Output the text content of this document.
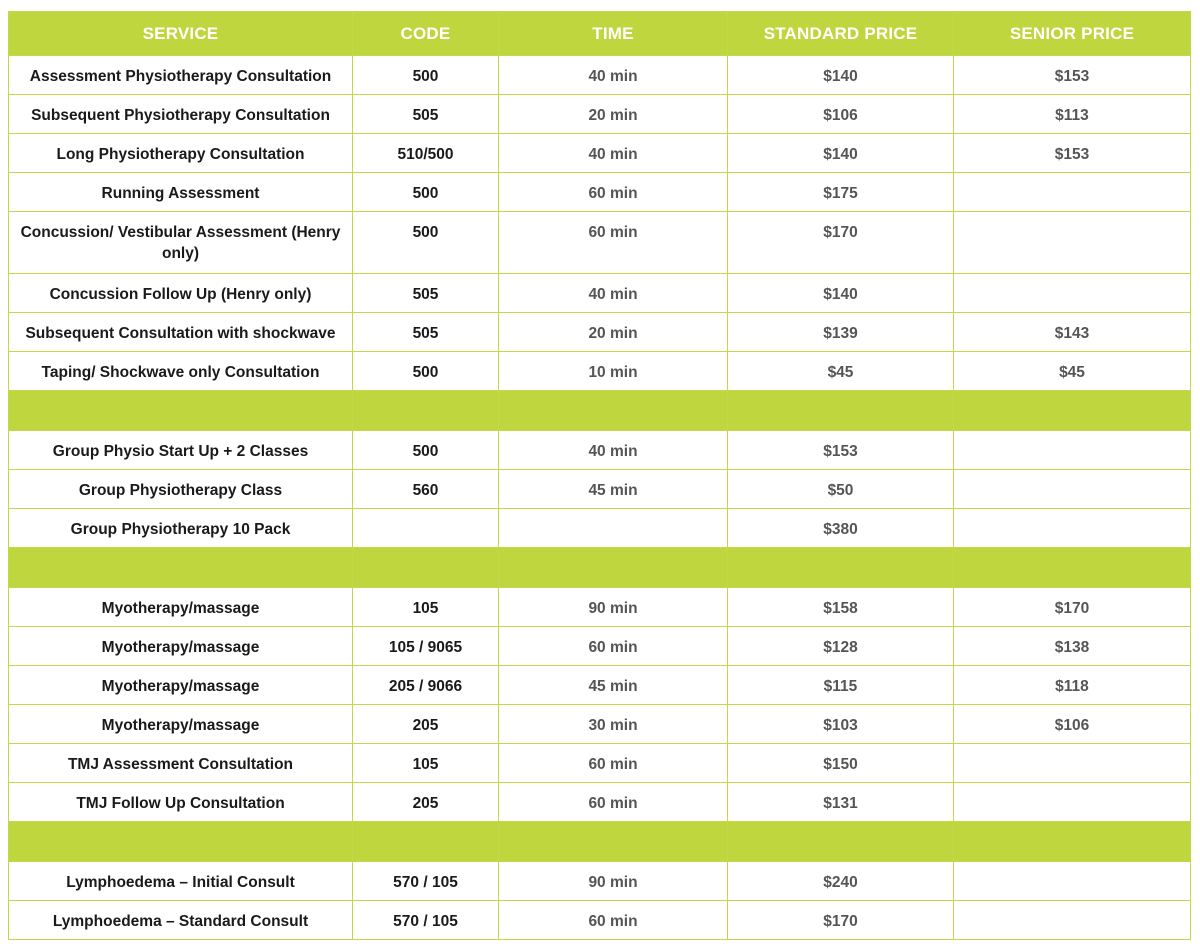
SERVICE	CODE	TIME	STANDARD PRICE	SENIOR PRICE
Assessment Physiotherapy Consultation	500	40 min	$140	$153
Subsequent Physiotherapy Consultation	505	20 min	$106	$113
Long Physiotherapy Consultation	510/500	40 min	$140	$153
Running Assessment	500	60 min	$175	
Concussion/ Vestibular Assessment (Henry only)	500	60 min	$170	
Concussion Follow Up (Henry only)	505	40 min	$140	
Subsequent Consultation with shockwave	505	20 min	$139	$143
Taping/ Shockwave only Consultation	500	10 min	$45	$45

Group Physio Start Up + 2 Classes	500	40 min	$153	
Group Physiotherapy Class	560	45 min	$50	
Group Physiotherapy 10 Pack			$380	

Myotherapy/massage	105	90 min	$158	$170
Myotherapy/massage	105 / 9065	60 min	$128	$138
Myotherapy/massage	205 / 9066	45 min	$115	$118
Myotherapy/massage	205	30 min	$103	$106
TMJ Assessment Consultation	105	60 min	$150	
TMJ Follow Up Consultation	205	60 min	$131	

Lymphoedema – Initial Consult	570 / 105	90 min	$240	
Lymphoedema – Standard Consult	570 / 105	60 min	$170	
